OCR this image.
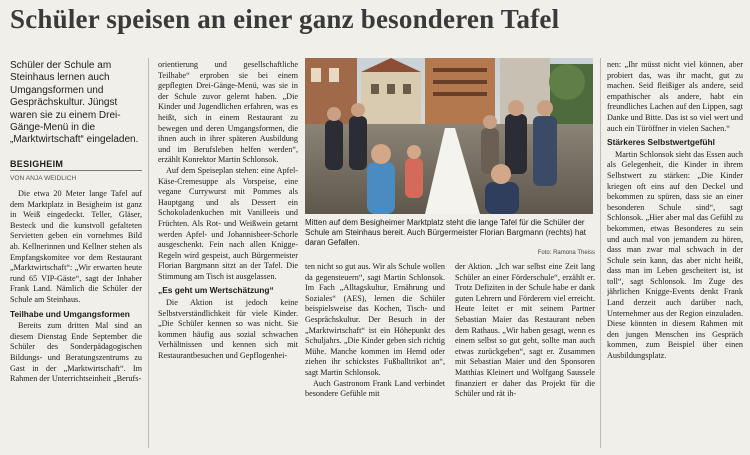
Schüler speisen an einer ganz besonderen Tafel
Schüler der Schule am Steinhaus lernen auch Umgangsformen und Gesprächskultur. Jüngst waren sie zu einem Drei-Gänge-Menü in die „Marktwirtschaft“ eingeladen.
BESIGHEIM
VON ANJA WEIDLICH

Die etwa 20 Meter lange Tafel auf dem Marktplatz in Besigheim ist ganz in Weiß eingedeckt. Teller, Gläser, Besteck und die kunstvoll gefalteten Servietten geben ein vornehmes Bild ab. Kellnerinnen und Kellner stehen als Empfangskomitee vor dem Restaurant „Marktwirtschaft“: „Wir erwarten heute rund 65 VIP-Gäste“, sagt der Inhaber Frank Land. Nämlich die Schüler der Schule am Steinhaus.

Teilhabe und Umgangsformen

Bereits zum dritten Mal sind an diesem Dienstag Ende September die Schüler des Sonderpädagogischen Bildungs- und Beratungszentrums zu Gast in der „Marktwirtschaft“. Im Rahmen der Unterrichtseinheit „Berufs-

orientierung und gesellschaftliche Teilhabe“ erproben sie bei einem gepflegten Drei-Gänge-Menü, was sie in der Schule zuvor gelernt haben. „Die Kinder und Jugendlichen erfahren, was es heißt, sich in einem Restaurant zu bewegen und deren Umgangsformen, die ihnen auch in ihrer späteren Ausbildung und im Berufsleben helfen werden“, erzählt Konrektor Martin Schlonsok.

Auf dem Speiseplan stehen: eine Apfel-Käse-Cremesuppe als Vorspeise, eine vegane Currywurst mit Pommes als Hauptgang und als Dessert ein Schokoladenkuchen mit Vanilleeis und Früchten. Als Rot- und Weißwein getarnt werden Apfel- und Johannisbeer-Schorle ausgeschenkt. Fein nach allen Knigge-Regeln wird gespeist, auch Bürgermeister Florian Bargmann sitzt an der Tafel. Die Stimmung am Tisch ist ausgelassen.

„Es geht um Wertschätzung“

Die Aktion ist jedoch keine Selbstverständlichkeit für viele Kinder. „Die Schüler kennen so was nicht. Sie kommen häufig aus sozial schwachen Verhältnissen und kennen sich mit Restaurantbesuchen und Gepflogenhei-

Mitten auf dem Besigheimer Marktplatz steht die lange Tafel für die Schüler der Schule am Steinhaus bereit. Auch Bürgermeister Florian Bargmann (rechts) hat daran Gefallen.
Foto: Ramona Theiss

ten nicht so gut aus. Wir als Schule wollen da gegensteuern“, sagt Martin Schlonsok. Im Fach „Alltagskultur, Ernährung und Soziales“ (AES), lernen die Schüler beispielsweise das Kochen, Tisch- und Gesprächskultur. Der Besuch in der „Marktwirtschaft“ ist ein Höhepunkt des Schuljahrs. „Die Kinder geben sich richtig Mühe. Manche kommen im Hemd oder ziehen ihr schickstes Fußballtrikot an“, sagt Martin Schlonsok.

Auch Gastronom Frank Land verbindet besondere Gefühle mit

der Aktion. „Ich war selbst eine Zeit lang Schüler an einer Förderschule“, erzählt er. Trotz Defiziten in der Schule habe er dank guten Lehrern und Förderern viel erreicht. Heute leitet er mit seinem Partner Sebastian Maier das Restaurant neben dem Rathaus. „Wir haben gesagt, wenn es einem selbst so gut geht, sollte man auch etwas zurückgeben“, sagt er. Zusammen mit Sebastian Maier und den Sponsoren Matthias Kleinert und Wolfgang Saussele finanziert er daher das Projekt für die Schüler und rät ih-

nen: „Ihr müsst nicht viel können, aber probiert das, was ihr macht, gut zu machen. Seid fleißiger als andere, seid empathischer als andere, habt ein freundliches Lachen auf den Lippen, sagt Danke und Bitte. Das ist so viel wert und auch ein Türöffner in vielen Sachen.“

Stärkeres Selbstwertgefühl

Martin Schlonsok sieht das Essen auch als Gelegenheit, die Kinder in ihrem Selbstwert zu stärken: „Die Kinder kriegen oft eins auf den Deckel und bekommen zu spüren, dass sie an einer besonderen Schule sind“, sagt Schlonsok. „Hier aber mal das Gefühl zu bekommen, etwas Besonderes zu sein und auch mal von jemandem zu hören, dass man zwar mal schwach in der Schule sein kann, das aber nicht heißt, dass man im Leben gescheitert ist, ist toll“, sagt Schlonsok. Im Zuge des jährlichen Knigge-Events denkt Frank Land derzeit auch darüber nach, Unternehmer aus der Region einzuladen. Diese könnten in diesem Rahmen mit den jungen Menschen ins Gespräch kommen, zum Beispiel über einen Ausbildungsplatz.
